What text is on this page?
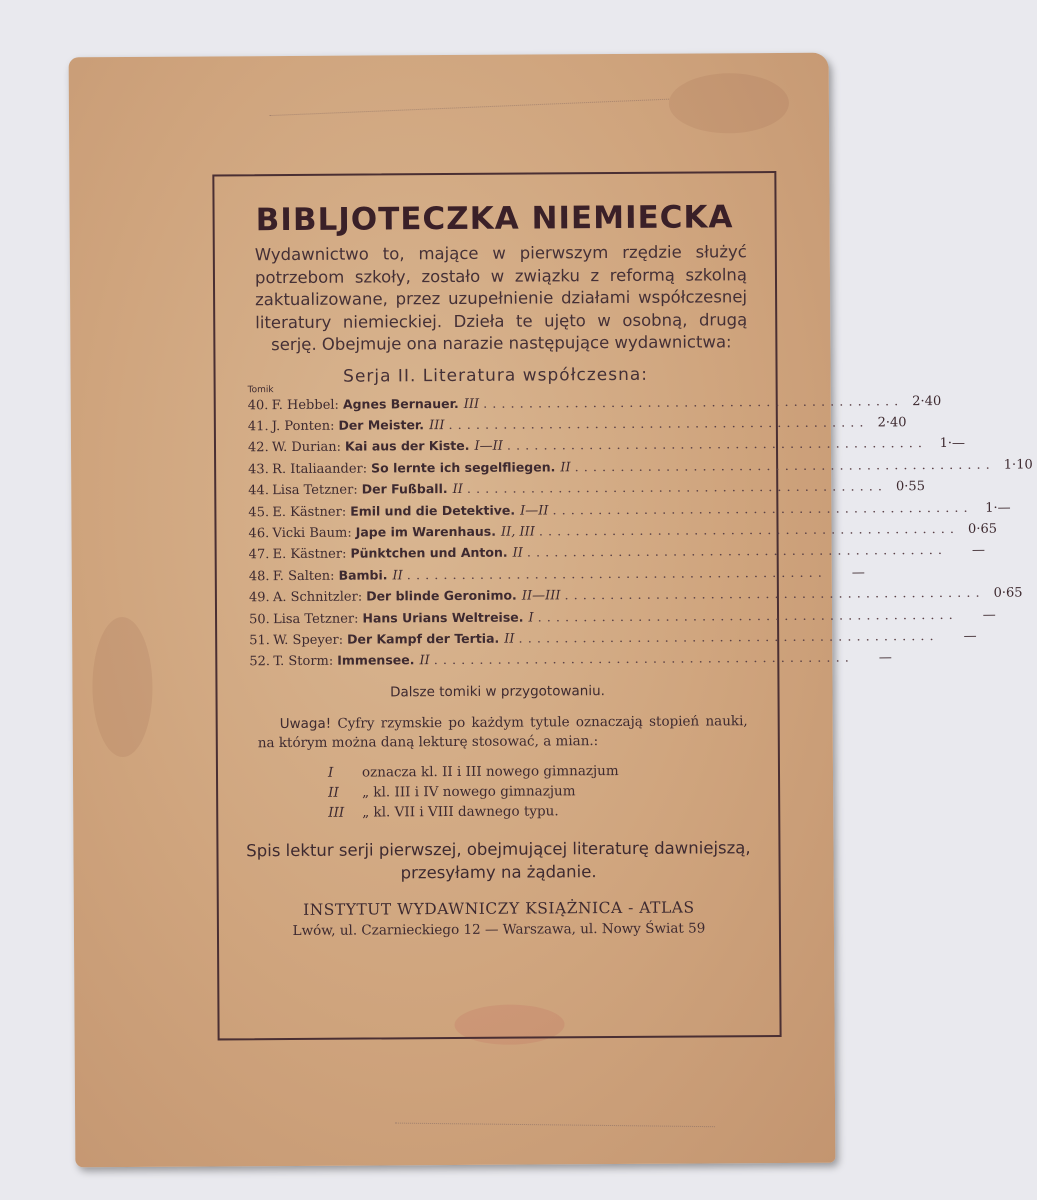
BIBLJOTECZKA NIEMIECKA
Wydawnictwo to, mające w pierwszym rzędzie służyć potrzebom szkoły, zostało w związku z reformą szkolną zaktualizowane, przez uzupełnienie działami współczesnej literatury niemieckiej. Dzieła te ujęto w osobną, drugą serję. Obejmuje ona narazie następujące wydawnictwa:
Serja II. Literatura współczesna:
Tomik
40. F. Hebbel: Agnes Bernauer. III .............................................. 2·40
41. J. Ponten: Der Meister. III .............................................. 2·40
42. W. Durian: Kai aus der Kiste. I—II .............................................. 1·—
43. R. Italiaander: So lernte ich segelfliegen. II .............................................. 1·10
44. Lisa Tetzner: Der Fußball. II .............................................. 0·55
45. E. Kästner: Emil und die Detektive. I—II .............................................. 1·—
46. Vicki Baum: Jape im Warenhaus. II, III .............................................. 0·65
47. E. Kästner: Pünktchen und Anton. II ..............................................	—
48. F. Salten: Bambi. II ..............................................	—
49. A. Schnitzler: Der blinde Geronimo. II—III .............................................. 0·65
50. Lisa Tetzner: Hans Urians Weltreise. I ..............................................	—
51. W. Speyer: Der Kampf der Tertia. II ..............................................	—
52. T. Storm: Immensee. II ..............................................	—
Dalsze tomiki w przygotowaniu.
Uwaga! Cyfry rzymskie po każdym tytule oznaczają stopień nauki, na którym można daną lekturę stosować, a mian.:
I	oznacza kl. II i III nowego gimnazjum
II	„ kl. III i IV nowego gimnazjum
III	„ kl. VII i VIII dawnego typu.
Spis lektur serji pierwszej, obejmującej literaturę dawniejszą, przesyłamy na żądanie.
INSTYTUT WYDAWNICZY KSIĄŻNICA - ATLAS
Lwów, ul. Czarnieckiego 12 — Warszawa, ul. Nowy Świat 59
